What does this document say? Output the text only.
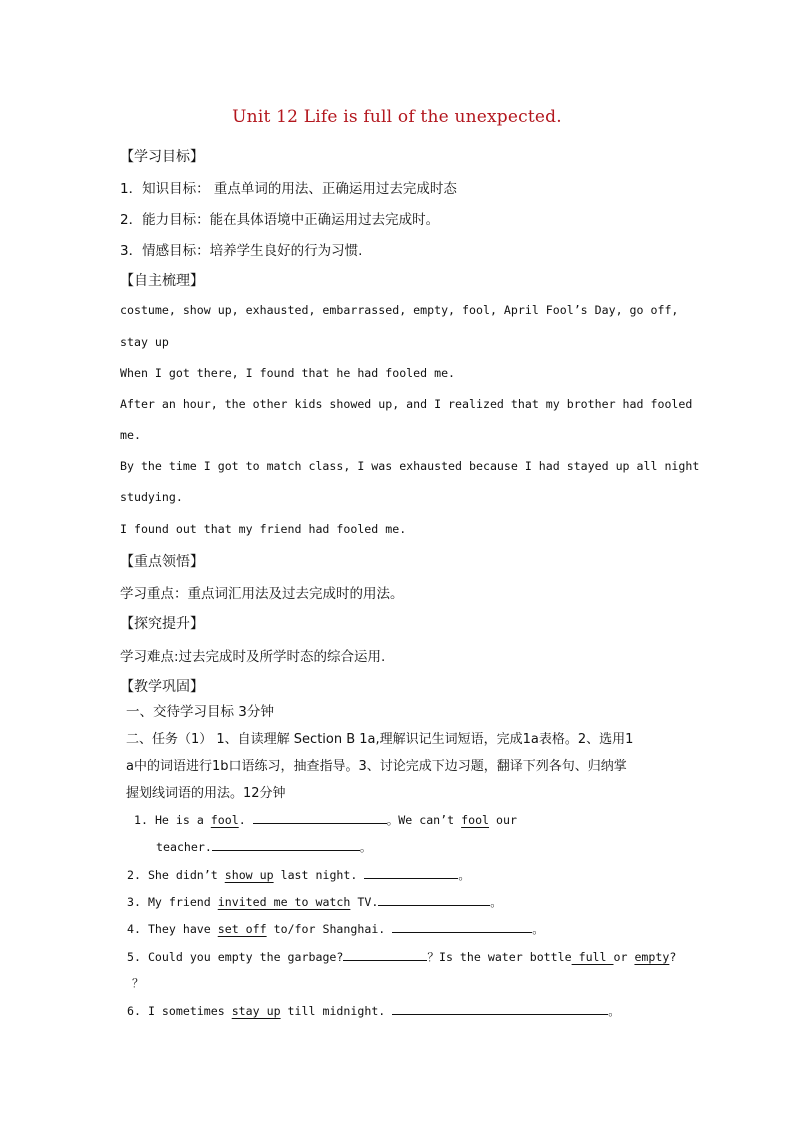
Unit 12 Life is full of the unexpected.
【学习目标】
1．知识目标： 重点单词的用法、正确运用过去完成时态
2．能力目标：能在具体语境中正确运用过去完成时。
3．情感目标：培养学生良好的行为习惯.
【自主梳理】
costume, show up, exhausted, embarrassed, empty, fool, April Fool’s Day, go off,
stay up
When I got there, I found that he had fooled me.
After an hour, the other kids showed up, and I realized that my brother had fooled
me.
By the time I got to match class, I was exhausted because I had stayed up all night
studying.
I found out that my friend had fooled me.
【重点领悟】
学习重点：重点词汇用法及过去完成时的用法。
【探究提升】
学习难点:过去完成时及所学时态的综合运用.
【教学巩固】
一、交待学习目标 3分钟
二、任务（1） 1、自读理解 Section B 1a,理解识记生词短语，完成1a表格。2、选用1
a中的词语进行1b口语练习，抽查指导。3、讨论完成下边习题，翻译下列各句、归纳掌
握划线词语的用法。12分钟
1. He is a fool.	。We can’t fool our
teacher.	。
2. She didn’t show up last night.	。
3. My friend invited me to watch TV.	。
4. They have set off to/for Shanghai.	。
5. Could you empty the garbage?	？Is the water bottle full or empty?
？
6. I sometimes stay up till midnight.	。
